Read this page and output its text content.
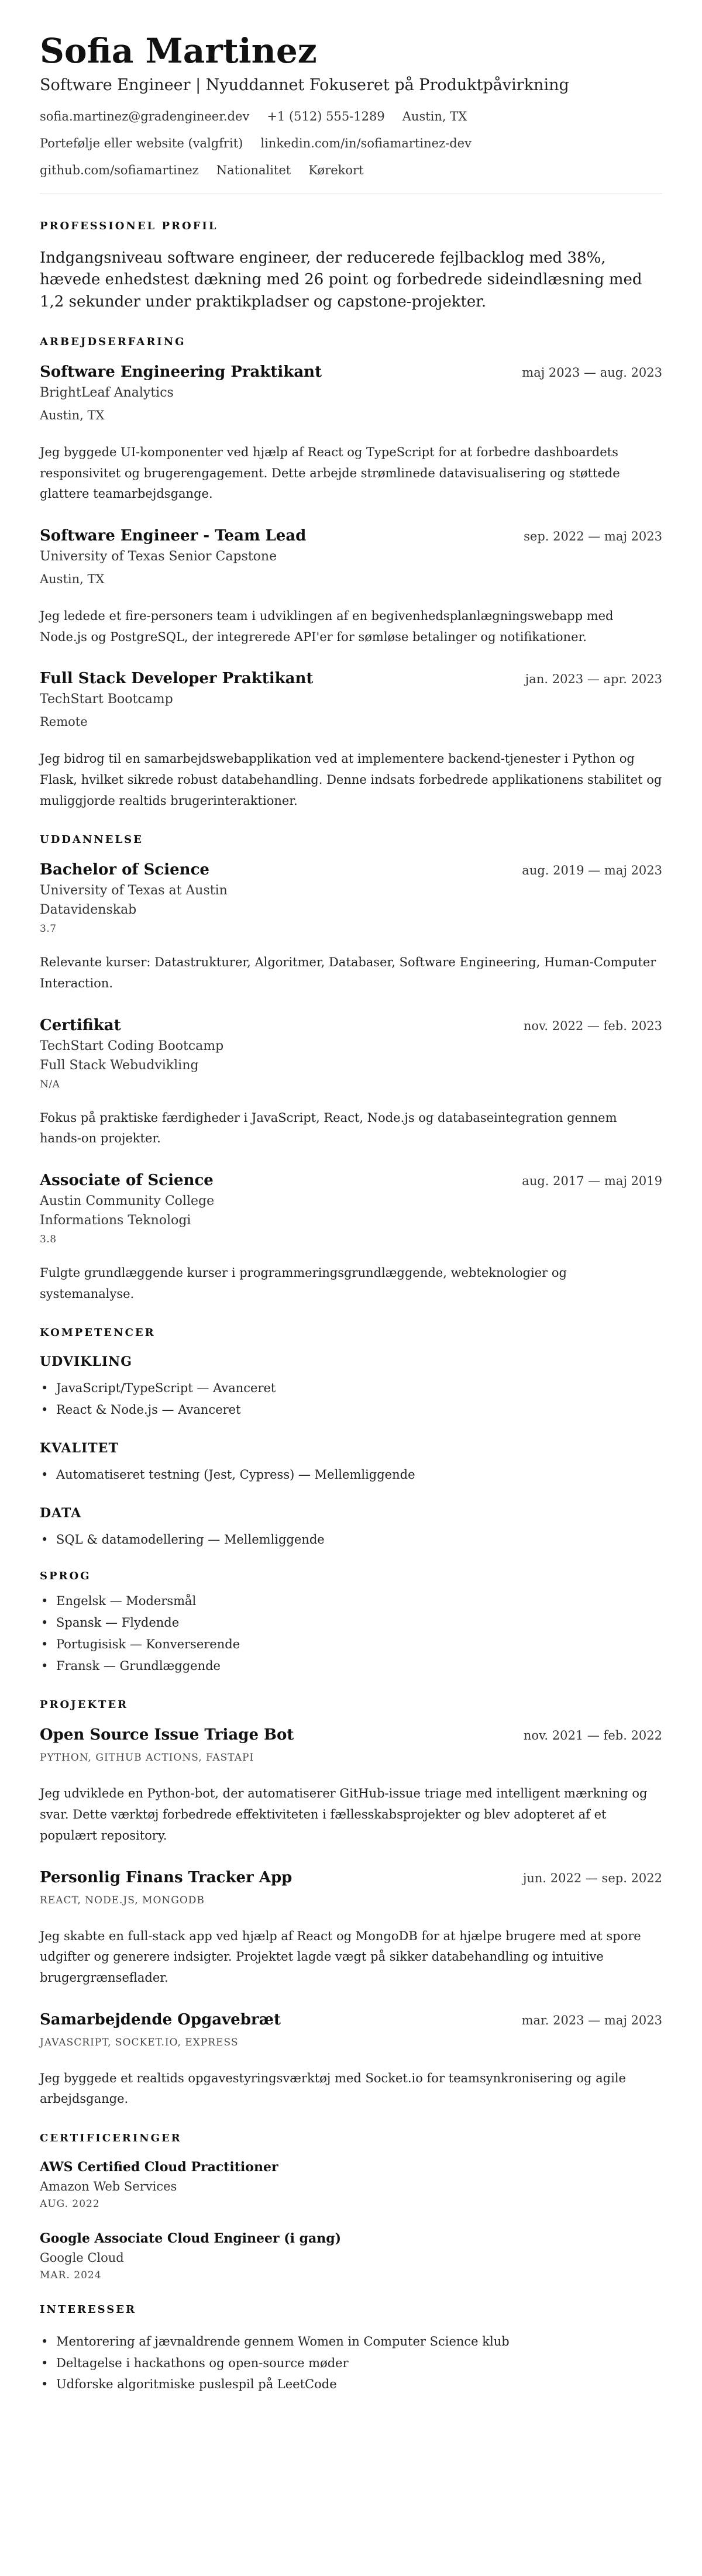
Sofia Martinez
Software Engineer | Nyuddannet Fokuseret på Produktpåvirkning
sofia.martinez@gradengineer.dev +1 (512) 555-1289 Austin, TX
Portefølje eller website (valgfrit) linkedin.com/in/sofiamartinez-dev
github.com/sofiamartinez Nationalitet Kørekort
PROFESSIONEL PROFIL

Indgangsniveau software engineer, der reducerede fejlbacklog med 38%, hævede enhedstest dækning med 26 point og forbedrede sideindlæsning med 1,2 sekunder under praktikpladser og capstone-projekter.

ARBEJDSERFARING
Software Engineering Praktikant	maj 2023 — aug. 2023
BrightLeaf Analytics
Austin, TX

Jeg byggede UI-komponenter ved hjælp af React og TypeScript for at forbedre dashboardets responsivitet og brugerengagement. Dette arbejde strømlinede datavisualisering og støttede glattere teamarbejdsgange.

Software Engineer - Team Lead	sep. 2022 — maj 2023
University of Texas Senior Capstone
Austin, TX

Jeg ledede et fire-personers team i udviklingen af en begivenhedsplanlægningswebapp med Node.js og PostgreSQL, der integrerede API'er for sømløse betalinger og notifikationer.

Full Stack Developer Praktikant	jan. 2023 — apr. 2023
TechStart Bootcamp
Remote

Jeg bidrog til en samarbejdswebapplikation ved at implementere backend-tjenester i Python og Flask, hvilket sikrede robust databehandling. Denne indsats forbedrede applikationens stabilitet og muliggjorde realtids brugerinteraktioner.

UDDANNELSE
Bachelor of Science	aug. 2019 — maj 2023
University of Texas at Austin
Datavidenskab
3.7

Relevante kurser: Datastrukturer, Algoritmer, Databaser, Software Engineering, Human-Computer Interaction.

Certifikat	nov. 2022 — feb. 2023
TechStart Coding Bootcamp
Full Stack Webudvikling
N/A

Fokus på praktiske færdigheder i JavaScript, React, Node.js og databaseintegration gennem hands-on projekter.

Associate of Science	aug. 2017 — maj 2019
Austin Community College
Informations Teknologi
3.8

Fulgte grundlæggende kurser i programmeringsgrundlæggende, webteknologier og systemanalyse.

KOMPETENCER
UDVIKLING
• JavaScript/TypeScript — Avanceret
• React & Node.js — Avanceret
KVALITET
• Automatiseret testning (Jest, Cypress) — Mellemliggende
DATA
• SQL & datamodellering — Mellemliggende
SPROG
• Engelsk — Modersmål
• Spansk — Flydende
• Portugisisk — Konverserende
• Fransk — Grundlæggende
PROJEKTER
Open Source Issue Triage Bot	nov. 2021 — feb. 2022
PYTHON, GITHUB ACTIONS, FASTAPI

Jeg udviklede en Python-bot, der automatiserer GitHub-issue triage med intelligent mærkning og svar. Dette værktøj forbedrede effektiviteten i fællesskabsprojekter og blev adopteret af et populært repository.

Personlig Finans Tracker App	jun. 2022 — sep. 2022
REACT, NODE.JS, MONGODB

Jeg skabte en full-stack app ved hjælp af React og MongoDB for at hjælpe brugere med at spore udgifter og generere indsigter. Projektet lagde vægt på sikker databehandling og intuitive brugergrænseflader.

Samarbejdende Opgavebræt	mar. 2023 — maj 2023
JAVASCRIPT, SOCKET.IO, EXPRESS

Jeg byggede et realtids opgavestyringsværktøj med Socket.io for teamsynkronisering og agile arbejdsgange.

CERTIFICERINGER
AWS Certified Cloud Practitioner
Amazon Web Services
AUG. 2022
Google Associate Cloud Engineer (i gang)
Google Cloud
MAR. 2024
INTERESSER
• Mentorering af jævnaldrende gennem Women in Computer Science klub
• Deltagelse i hackathons og open-source møder
• Udforske algoritmiske puslespil på LeetCode
